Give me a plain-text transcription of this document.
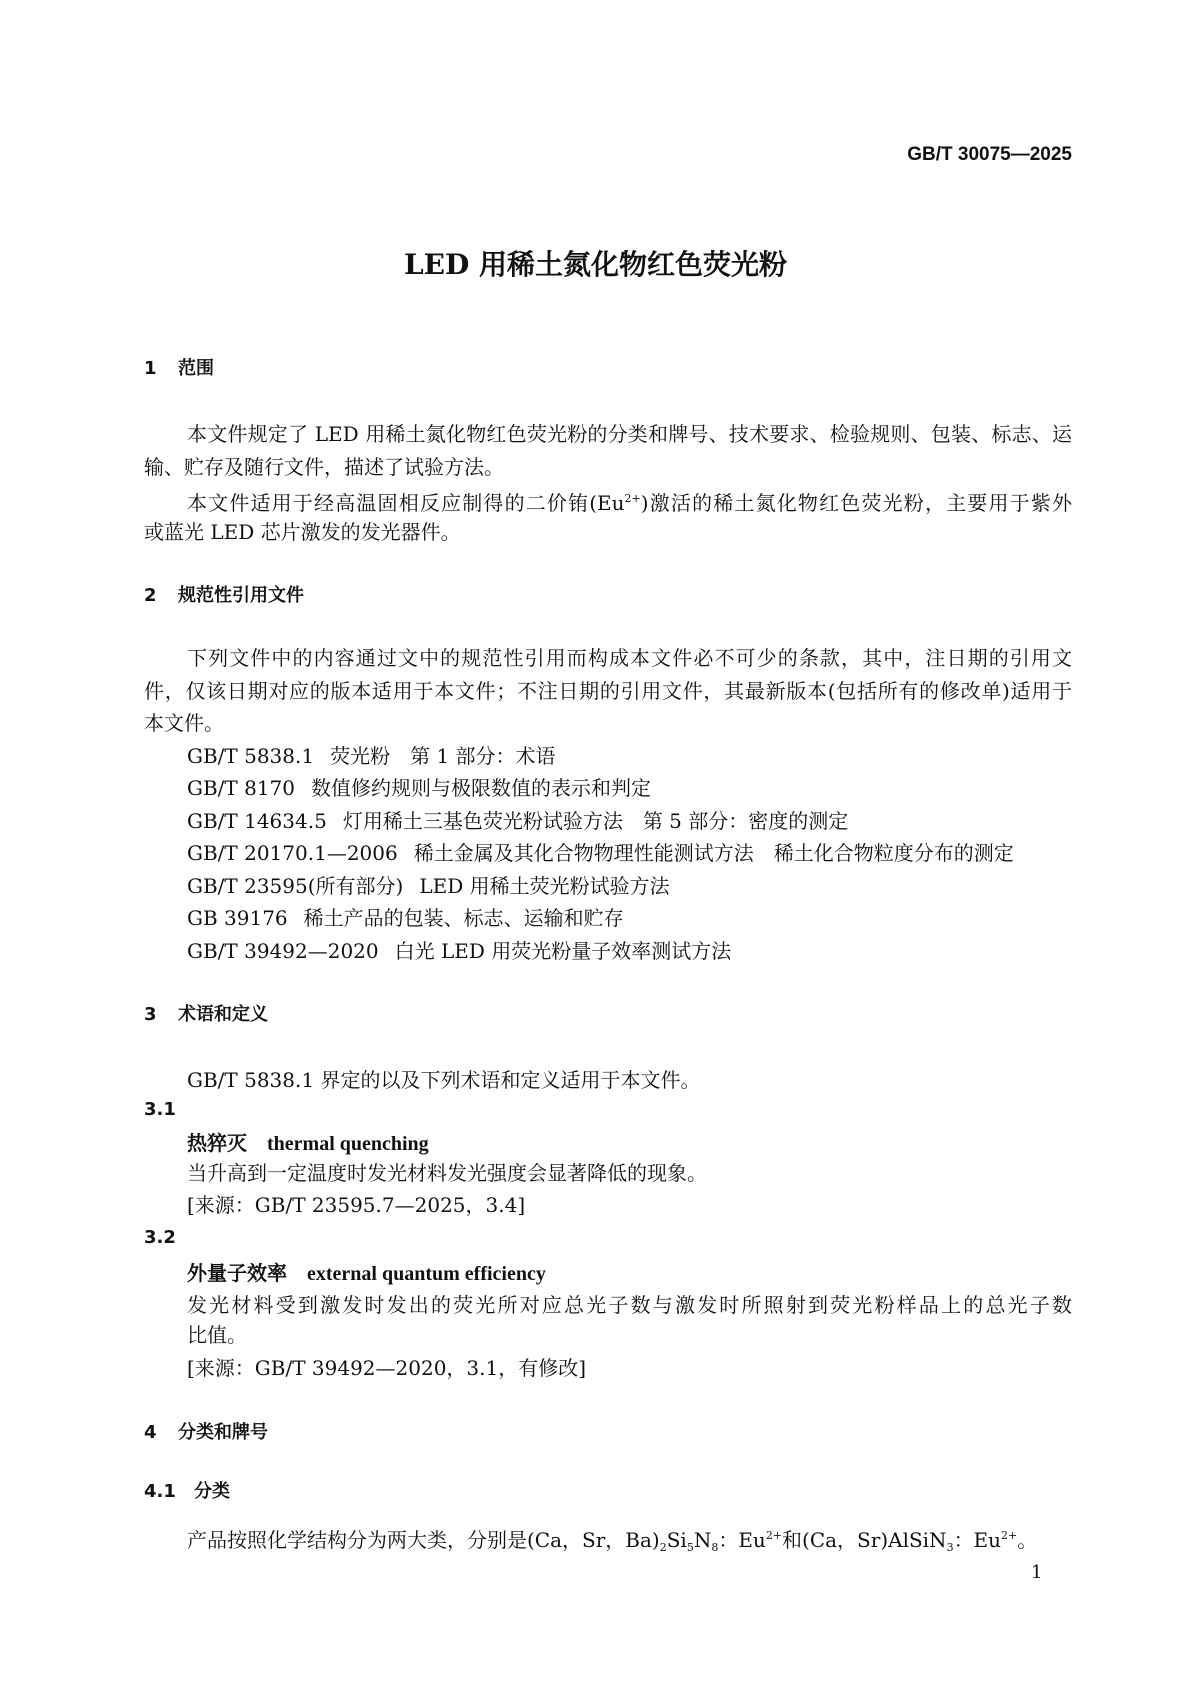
GB/T 30075—2025
LED 用稀土氮化物红色荧光粉
1 范围
本文件规定了 LED 用稀土氮化物红色荧光粉的分类和牌号、技术要求、检验规则、包装、标志、运
输、贮存及随行文件，描述了试验方法。
本文件适用于经高温固相反应制得的二价铕$(Eu^{2+})$激活的稀土氮化物红色荧光粉，主要用于紫外
或蓝光 LED 芯片激发的发光器件。
2 规范性引用文件
下列文件中的内容通过文中的规范性引用而构成本文件必不可少的条款，其中，注日期的引用文
件，仅该日期对应的版本适用于本文件；不注日期的引用文件，其最新版本(包括所有的修改单)适用于
本文件。
GB/T 5838.1 荧光粉　第 1 部分：术语
GB/T 8170 数值修约规则与极限数值的表示和判定
GB/T 14634.5 灯用稀土三基色荧光粉试验方法　第 5 部分：密度的测定
GB/T 20170.1—2006 稀土金属及其化合物物理性能测试方法　稀土化合物粒度分布的测定
GB/T 23595(所有部分) LED 用稀土荧光粉试验方法
GB 39176 稀土产品的包装、标志、运输和贮存
GB/T 39492—2020 白光 LED 用荧光粉量子效率测试方法
3 术语和定义
GB/T 5838.1 界定的以及下列术语和定义适用于本文件。
3.1
热猝灭 thermal quenching
当升高到一定温度时发光材料发光强度会显著降低的现象。
[来源：GB/T 23595.7—2025，3.4]
3.2
外量子效率 external quantum efficiency
发光材料受到激发时发出的荧光所对应总光子数与激发时所照射到荧光粉样品上的总光子数
比值。
[来源：GB/T 39492—2020，3.1，有修改]
4 分类和牌号
4.1 分类
产品按照化学结构分为两大类，分别是(Ca，Sr，$Ba)_2Si_5N_8$：$Eu^{2+}$和(Ca，Sr)AlSiN$_3$：$Eu^{2+}$。
1
